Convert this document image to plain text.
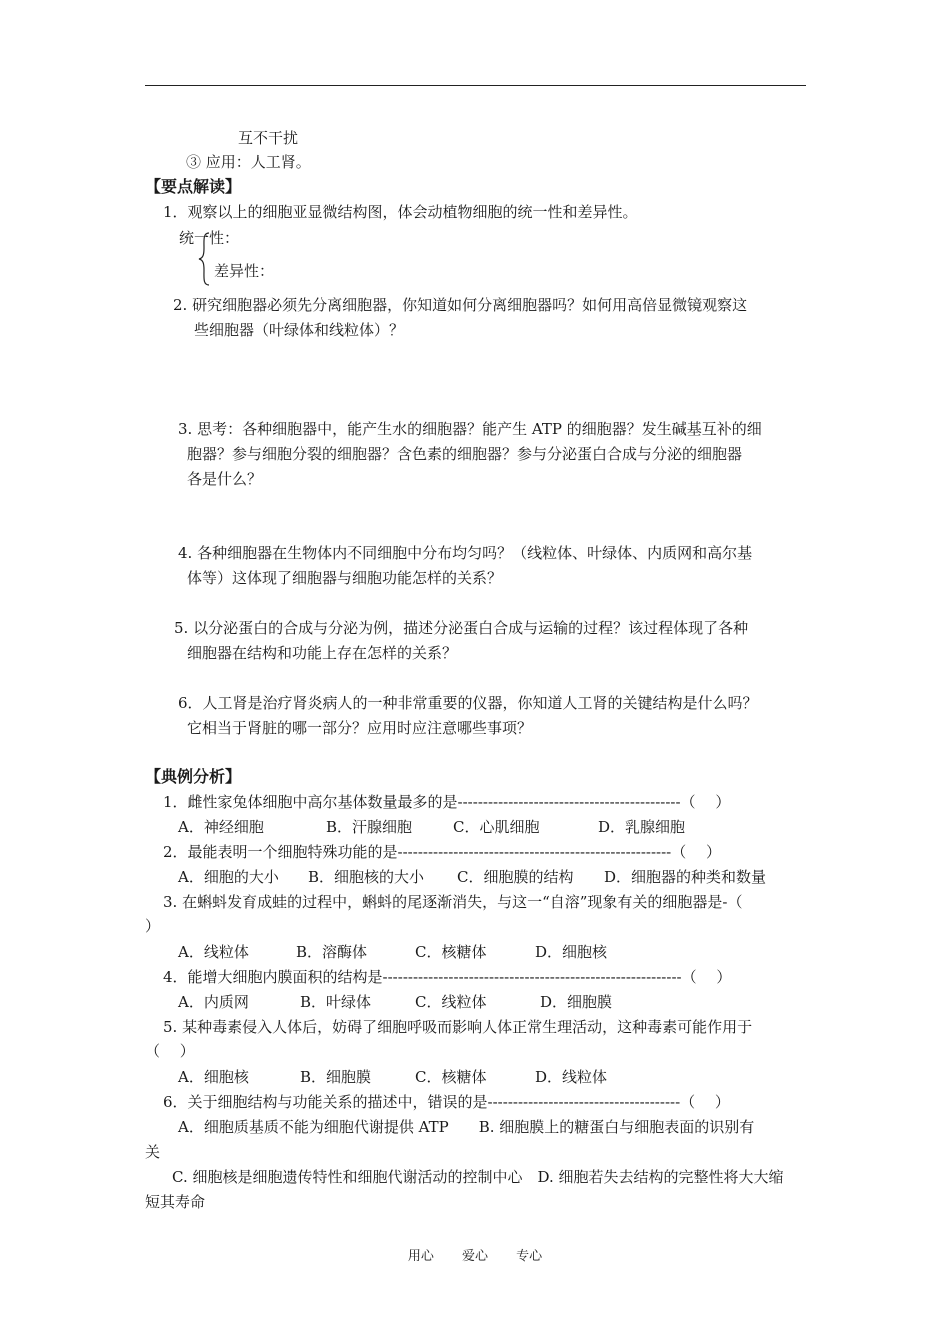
互不干扰
③ 应用：人工肾。
【要点解读】
1．观察以上的细胞亚显微结构图，体会动植物细胞的统一性和差异性。
统一性：
差异性：
2. 研究细胞器必须先分离细胞器，你知道如何分离细胞器吗？如何用高倍显微镜观察这
些细胞器（叶绿体和线粒体）？
3. 思考：各种细胞器中，能产生水的细胞器？能产生 ATP 的细胞器？发生碱基互补的细
胞器？参与细胞分裂的细胞器？含色素的细胞器？参与分泌蛋白合成与分泌的细胞器
各是什么？
4. 各种细胞器在生物体内不同细胞中分布均匀吗？（线粒体、叶绿体、内质网和高尔基
体等）这体现了细胞器与细胞功能怎样的关系？
5. 以分泌蛋白的合成与分泌为例，描述分泌蛋白合成与运输的过程？该过程体现了各种
细胞器在结构和功能上存在怎样的关系？
6．人工肾是治疗肾炎病人的一种非常重要的仪器，你知道人工肾的关键结构是什么吗？
它相当于肾脏的哪一部分？应用时应注意哪些事项？
【典例分析】
1．雌性家兔体细胞中高尔基体数量最多的是--------------------------------------------（　 ）
A．神经细胞	B．汗腺细胞	C．心肌细胞	D．乳腺细胞
2．最能表明一个细胞特殊功能的是------------------------------------------------------（　 ）
A．细胞的大小 B．细胞核的大小 C．细胞膜的结构 D．细胞器的种类和数量
3. 在蝌蚪发育成蛙的过程中，蝌蚪的尾逐渐消失，与这一“自溶”现象有关的细胞器是-（
）
A．线粒体	B．溶酶体	C．核糖体	D．细胞核
4．能增大细胞内膜面积的结构是-----------------------------------------------------------（　 ）
A．内质网	B．叶绿体	C．线粒体	D．细胞膜
5. 某种毒素侵入人体后，妨碍了细胞呼吸而影响人体正常生理活动，这种毒素可能作用于
（　 ）
A．细胞核	B．细胞膜	C．核糖体	D．线粒体
6．关于细胞结构与功能关系的描述中，错误的是--------------------------------------（　 ）
A．细胞质基质不能为细胞代谢提供 ATP　　B. 细胞膜上的糖蛋白与细胞表面的识别有
关
C. 细胞核是细胞遗传特性和细胞代谢活动的控制中心　D. 细胞若失去结构的完整性将大大缩
短其寿命
用心 爱心 专心
